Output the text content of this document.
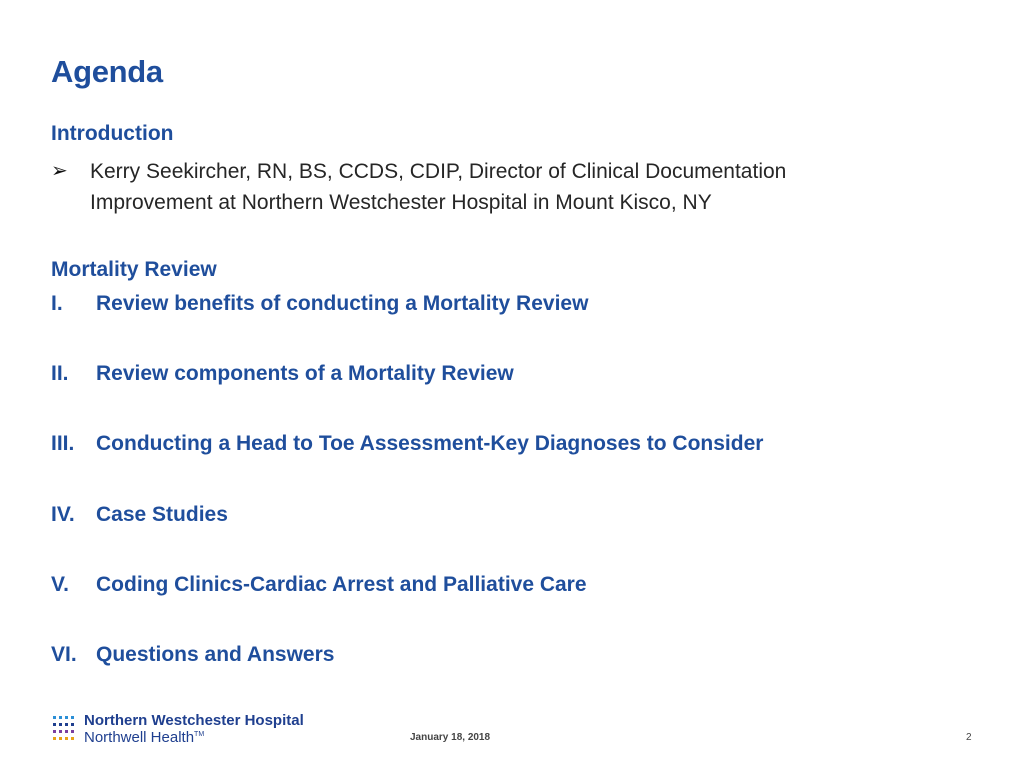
Agenda
Introduction
➢ Kerry Seekircher, RN, BS, CCDS, CDIP, Director of Clinical Documentation Improvement at Northern Westchester Hospital in Mount Kisco, NY
Mortality Review
I. Review benefits of conducting a Mortality Review
II. Review components of a Mortality Review
III. Conducting a Head to Toe Assessment-Key Diagnoses to Consider
IV. Case Studies
V. Coding Clinics-Cardiac Arrest and Palliative Care
VI. Questions and Answers
Northern Westchester Hospital
Northwell Health™	January 18, 2018	2
